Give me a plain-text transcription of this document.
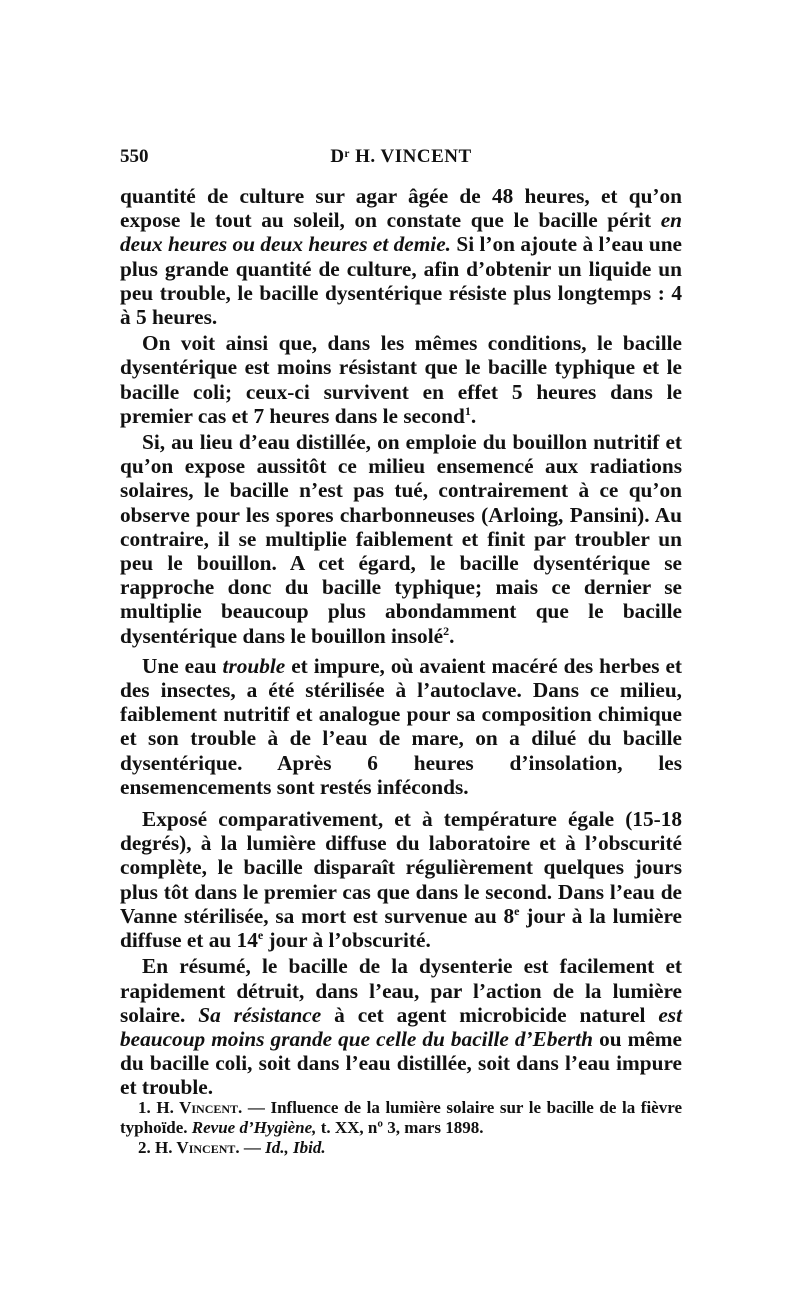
550	Dʳ H. VINCENT

quantité de culture sur agar âgée de 48 heures, et qu’on expose le tout au soleil, on constate que le bacille périt en deux heures ou deux heures et demie. Si l’on ajoute à l’eau une plus grande quantité de culture, afin d’obtenir un liquide un peu trouble, le bacille dysentérique résiste plus longtemps : 4 à 5 heures.

On voit ainsi que, dans les mêmes conditions, le bacille dysentérique est moins résistant que le bacille typhique et le bacille coli; ceux-ci survivent en effet 5 heures dans le premier cas et 7 heures dans le second$^1$.

Si, au lieu d’eau distillée, on emploie du bouillon nutritif et qu’on expose aussitôt ce milieu ensemencé aux radiations solaires, le bacille n’est pas tué, contrairement à ce qu’on observe pour les spores charbonneuses (Arloing, Pansini). Au contraire, il se multiplie faiblement et finit par troubler un peu le bouillon. A cet égard, le bacille dysentérique se rapproche donc du bacille typhique; mais ce dernier se multiplie beaucoup plus abondamment que le bacille dysentérique dans le bouillon insolé$^2$.

Une eau trouble et impure, où avaient macéré des herbes et des insectes, a été stérilisée à l’autoclave. Dans ce milieu, faiblement nutritif et analogue pour sa composition chimique et son trouble à de l’eau de mare, on a dilué du bacille dysentérique. Après 6 heures d’insolation, les ensemencements sont restés inféconds.

Exposé comparativement, et à température égale (15-18 degrés), à la lumière diffuse du laboratoire et à l’obscurité complète, le bacille disparaît régulièrement quelques jours plus tôt dans le premier cas que dans le second. Dans l’eau de Vanne stérilisée, sa mort est survenue au 8e jour à la lumière diffuse et au 14e jour à l’obscurité.

En résumé, le bacille de la dysenterie est facilement et rapidement détruit, dans l’eau, par l’action de la lumière solaire. Sa résistance à cet agent microbicide naturel est beaucoup moins grande que celle du bacille d’Eberth ou même du bacille coli, soit dans l’eau distillée, soit dans l’eau impure et trouble.

1. H. Vincent. — Influence de la lumière solaire sur le bacille de la fièvre typhoïde. Revue d’Hygiène, t. XX, nº 3, mars 1898.

2. H. Vincent. — Id., Ibid.
